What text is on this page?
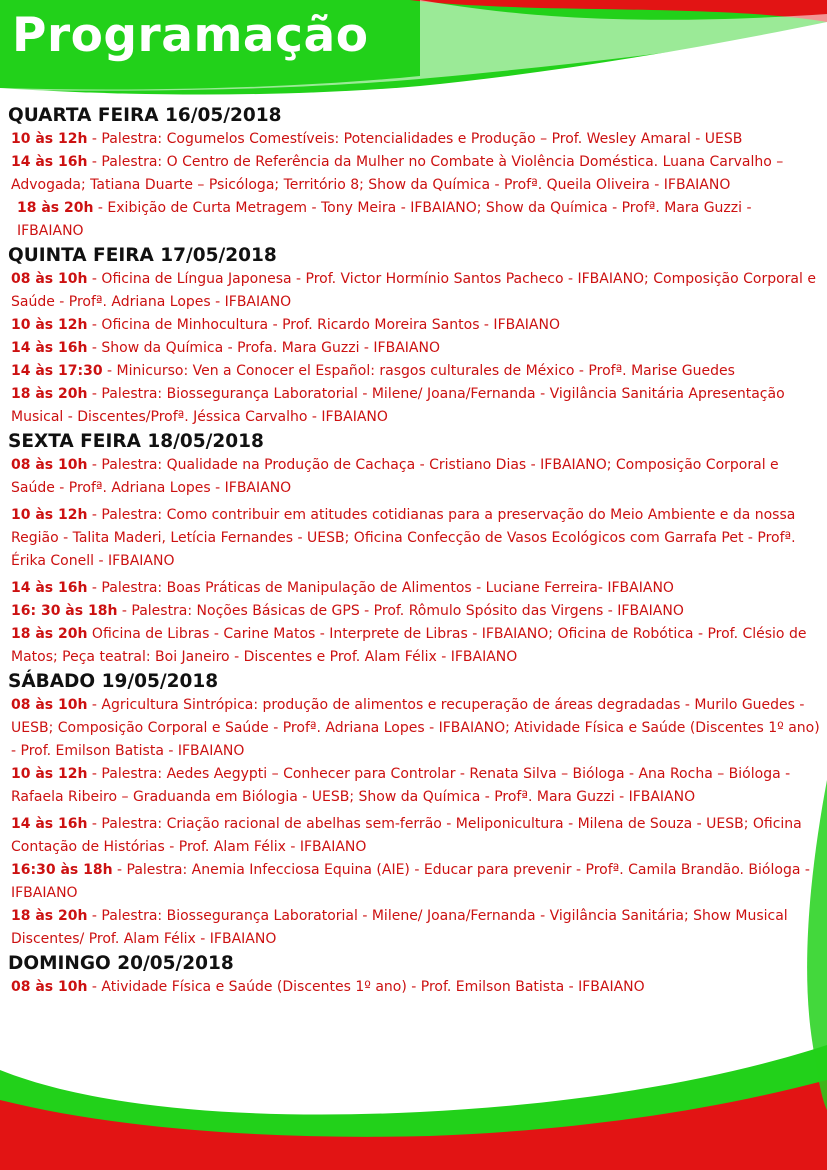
Programação
QUARTA FEIRA 16/05/2018

10 às 12h - Palestra: Cogumelos Comestíveis: Potencialidades e Produção – Prof. Wesley Amaral - UESB

14 às 16h - Palestra: O Centro de Referência da Mulher no Combate à Violência Doméstica. Luana Carvalho – Advogada; Tatiana Duarte – Psicóloga; Território 8; Show da Química - Profª. Queila Oliveira - IFBAIANO

18 às 20h - Exibição de Curta Metragem - Tony Meira - IFBAIANO; Show da Química - Profª. Mara Guzzi - IFBAIANO

QUINTA FEIRA 17/05/2018

08 às 10h - Oficina de Língua Japonesa - Prof. Victor Hormínio Santos Pacheco - IFBAIANO; Composição Corporal e Saúde - Profª. Adriana Lopes - IFBAIANO

10 às 12h - Oficina de Minhocultura - Prof. Ricardo Moreira Santos - IFBAIANO

14 às 16h - Show da Química - Profa. Mara Guzzi - IFBAIANO

14 às 17:30 - Minicurso: Ven a Conocer el Español: rasgos culturales de México - Profª. Marise Guedes

18 às 20h - Palestra: Biossegurança Laboratorial - Milene/ Joana/Fernanda - Vigilância Sanitária Apresentação Musical - Discentes/Profª. Jéssica Carvalho - IFBAIANO

SEXTA FEIRA 18/05/2018

08 às 10h - Palestra: Qualidade na Produção de Cachaça - Cristiano Dias - IFBAIANO; Composição Corporal e Saúde - Profª. Adriana Lopes - IFBAIANO

10 às 12h - Palestra: Como contribuir em atitudes cotidianas para a preservação do Meio Ambiente e da nossa Região - Talita Maderi, Letícia Fernandes - UESB; Oficina Confecção de Vasos Ecológicos com Garrafa Pet - Profª. Érika Conell - IFBAIANO

14 às 16h - Palestra: Boas Práticas de Manipulação de Alimentos - Luciane Ferreira- IFBAIANO

16: 30 às 18h - Palestra: Noções Básicas de GPS - Prof. Rômulo Spósito das Virgens - IFBAIANO

18 às 20h Oficina de Libras - Carine Matos - Interprete de Libras - IFBAIANO; Oficina de Robótica - Prof. Clésio de Matos; Peça teatral: Boi Janeiro - Discentes e Prof. Alam Félix - IFBAIANO

SÁBADO 19/05/2018

08 às 10h - Agricultura Sintrópica: produção de alimentos e recuperação de áreas degradadas - Murilo Guedes - UESB; Composição Corporal e Saúde - Profª. Adriana Lopes - IFBAIANO; Atividade Física e Saúde (Discentes 1º ano) - Prof. Emilson Batista - IFBAIANO

10 às 12h - Palestra: Aedes Aegypti – Conhecer para Controlar - Renata Silva – Bióloga - Ana Rocha – Bióloga - Rafaela Ribeiro – Graduanda em Biólogia - UESB; Show da Química - Profª. Mara Guzzi - IFBAIANO

14 às 16h - Palestra: Criação racional de abelhas sem-ferrão - Meliponicultura - Milena de Souza - UESB; Oficina Contação de Histórias - Prof. Alam Félix - IFBAIANO

16:30 às 18h - Palestra: Anemia Infecciosa Equina (AIE) - Educar para prevenir - Profª. Camila Brandão. Bióloga - IFBAIANO

18 às 20h - Palestra: Biossegurança Laboratorial - Milene/ Joana/Fernanda - Vigilância Sanitária; Show Musical Discentes/ Prof. Alam Félix - IFBAIANO

DOMINGO 20/05/2018

08 às 10h - Atividade Física e Saúde (Discentes 1º ano) - Prof. Emilson Batista - IFBAIANO
